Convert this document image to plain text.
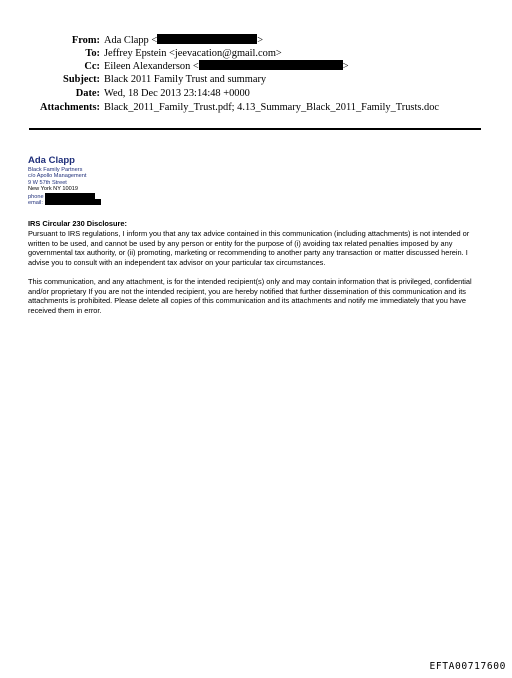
From: Ada Clapp <	>
To: Jeffrey Epstein <jeevacation@gmail.com>
Cc: Eileen Alexanderson <	>
Subject: Black 2011 Family Trust and summary
Date: Wed, 18 Dec 2013 23:14:48 +0000
Attachments: Black_2011_Family_Trust.pdf; 4.13_Summary_Black_2011_Family_Trusts.doc
Ada Clapp
Black Family Partners
c/o Apollo Management
9 W 57th Street
New York NY 10019
phone
email:
IRS Circular 230 Disclosure:
Pursuant to IRS regulations, I inform you that any tax advice contained in this communication (including attachments) is not intended or written to be used, and cannot be used by any person or entity for the purpose of (i) avoiding tax related penalties imposed by any governmental tax authority, or (ii) promoting, marketing or recommending to another party any transaction or matter discussed herein. I advise you to consult with an independent tax advisor on your particular tax circumstances.
This communication, and any attachment, is for the intended recipient(s) only and may contain information that is privileged, confidential and/or proprietary If you are not the intended recipient, you are hereby notified that further dissemination of this communication and its attachments is prohibited. Please delete all copies of this communication and its attachments and notify me immediately that you have received them in error.
EFTA00717600
